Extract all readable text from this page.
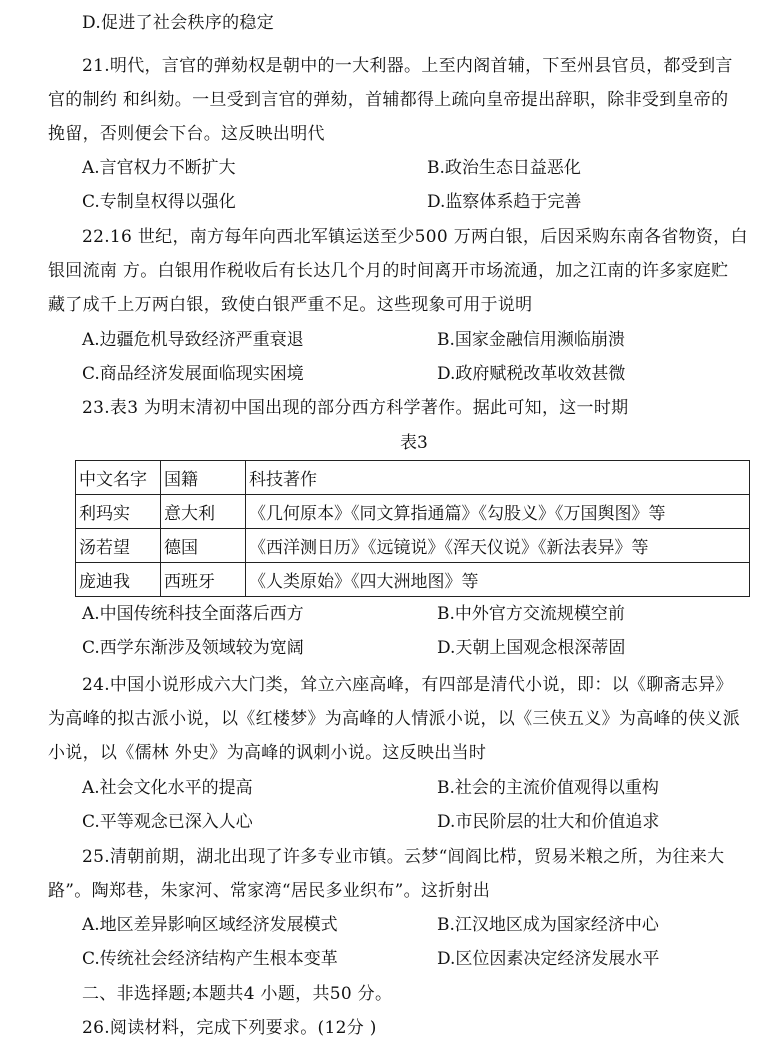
D.促进了社会秩序的稳定
21.明代，言官的弹劾权是朝中的一大利器。上至内阁首辅，下至州县官员，都受到言
官的制约 和纠劾。一旦受到言官的弹劾，首辅都得上疏向皇帝提出辞职，除非受到皇帝的
挽留，否则便会下台。这反映出明代
A.言官权力不断扩大	B.政治生态日益恶化
C.专制皇权得以强化	D.监察体系趋于完善
22.16 世纪，南方每年向西北军镇运送至少500 万两白银，后因采购东南各省物资，白
银回流南 方。白银用作税收后有长达几个月的时间离开市场流通，加之江南的许多家庭贮
藏了成千上万两白银，致使白银严重不足。这些现象可用于说明
A.边疆危机导致经济严重衰退	B.国家金融信用濒临崩溃
C.商品经济发展面临现实困境	D.政府赋税改革收效甚微
23.表3 为明末清初中国出现的部分西方科学著作。据此可知，这一时期
表3
中文名字	国籍	科技著作
利玛实	意大利	《几何原本》《同文算指通篇》《勾股义》《万国舆图》等
汤若望	德国	《西洋测日历》《远镜说》《浑天仪说》《新法表异》等
庞迪我	西班牙	《人类原始》《四大洲地图》等
A.中国传统科技全面落后西方	B.中外官方交流规模空前
C.西学东渐涉及领域较为宽阔	D.天朝上国观念根深蒂固
24.中国小说形成六大门类，耸立六座高峰，有四部是清代小说，即：以《聊斋志异》
为高峰的拟古派小说，以《红楼梦》为高峰的人情派小说，以《三侠五义》为高峰的侠义派
小说，以《儒林 外史》为高峰的讽刺小说。这反映出当时
A.社会文化水平的提高	B.社会的主流价值观得以重构
C.平等观念已深入人心	D.市民阶层的壮大和价值追求
25.清朝前期，湖北出现了许多专业市镇。云梦“闾阎比栉，贸易米粮之所，为往来大
路”。陶郑巷，朱家河、常家湾“居民多业织布”。这折射出
A.地区差异影响区域经济发展模式	B.江汉地区成为国家经济中心
C.传统社会经济结构产生根本变革	D.区位因素决定经济发展水平
二、非选择题;本题共4 小题，共50 分。
26.阅读材料，完成下列要求。(12分 )
